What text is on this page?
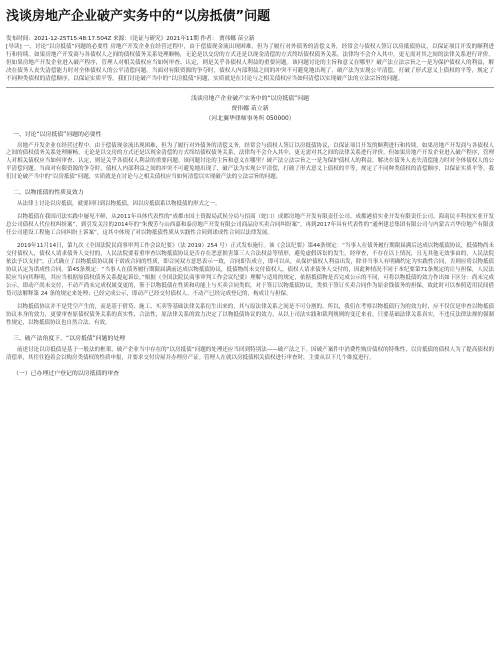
浅谈房地产企业破产实务中的“以房抵债”问题
发布时间：2021-12-25T15:48:17.504Z 来源：《论证与研究》2021年11期 作者： 贾伟娜 苗立新
[导读] 一、讨论“以房抵债”问题的必要性 房地产开发企业在经营过程中，由于偿债现金流出现困难，但为了履行对外债务的清偿义务，经常会与债权人签订以房抵债协议，以保证项目开发的顺利进行和持续。如果房地产开发商与各债权人之间的债权债务关系处理顺畅，无论是以交房的方式还是以现金清偿的方式终结债权债务关系，法律均不会介入其中，更无需对其之间的法律关系进行评价。但如果房地产开发企业进入破产程序，管理人对相关债权应当如何审查、认定，则是关乎各债权人利益的重要问题。该问题讨论的主旨和意义在哪里？破产法立法宗旨之一是为保护债权人的利益，解决在债务人丧失清偿能力时对全体债权人的公平清偿问题。当面对有限资源的争夺时，债权人内部利益之间的冲突不可避免地出现了，破产法为实现公平清偿，打破了形式意义上债权的平等，规定了不同种类债权的清偿顺序，以保证实质平等。我们讨论破产当中的“以房抵债”问题，实质就是在讨论与之相关债权应当如何清偿以实现破产法的立法宗旨的问题。
浅谈房地产企业破产实务中的“以房抵债”问题
贾伟娜 苗立新
（河北翼华律师事务所 050000）
一、讨论“以房抵债”问题的必要性

房地产开发企业在经营过程中，由于偿债现金流出现困难，但为了履行对外债务的清偿义务，经常会与债权人签订以房抵债协议，以保证项目开发的顺利进行和持续。如果房地产开发商与各债权人之间的债权债务关系处理顺畅，无论是以交房的方式还是以现金清偿的方式终结债权债务关系，法律均不会介入其中，更无需对其之间的法律关系进行评价。但如果房地产开发企业进入破产程序，管理人对相关债权应当如何审查、认定，则是关乎各债权人利益的重要问题。该问题讨论的主旨和意义在哪里？破产法立法宗旨之一是为保护债权人的利益，解决在债务人丧失清偿能力时对全体债权人的公平清偿问题。当面对有限资源的争夺时，债权人内部利益之间的冲突不可避免地出现了，破产法为实现公平清偿，打破了形式意义上债权的平等，规定了不同种类债权的清偿顺序，以保证实质平等。我们讨论破产当中的“以房抵债”问题，实质就是在讨论与之相关债权应当如何清偿以实现破产法的立法宗旨的问题。

二、以物抵债的性质及效力

从法律上讨论以房抵债，就要回归到以物抵债，因以房抵债系以物抵债的形式之一。

以物抵债在我国司法实践中屡见不鲜，从2011年具体代表性的“成都市国土资源局武侯分局与招商（蛇口）成都房地产开发有限责任公司、成都港招实业开发有限责任公司、海南民丰科技实业开发总公司债权人代位权纠纷案”，到引发关注的2014年的“朱俊芳与山西嘉和泰房地产开发有限公司商品房买卖合同纠纷案”，再到2017年具有代表性的“通州建总集团有限公司与内蒙古兴华房地产有限责任公司建设工程施工合同纠纷上诉案”，这其中体现了对以物抵债性质从实践性合同到诺成性合同以法律发展。

2019年11月14日，第九次《全国法院民商事审判工作会议纪要》（法 2019）254 号）正式发布施行。该《会议纪要》第44条规定：“当事人在债务履行期限届满后达成以物抵债协议，抵债物尚未交付债权人，债权人请求债务人交付的，人民法院要着重审查以物抵债协议是否存在恶意损害第三人合法权益等情形，避免虚假诉讼的发生。经审查，不存在以上情况，且无其他无效事由的，人民法院依法予以支持”，正式确立了以物抵债协议属于诺成合同的性质，即合同双方意思表示一致，合同即告成立，即可以从，从保护债权人利益出发，除非当事人有明确约定为实践性合同，否则应将以物抵债协议认定为诺成性合同。第45条规定：“当事人在债务履行期限届满前达成以物抵债协议，抵债物尚未交付债权人，债权人请求债务人交付的，因此种情况不同于本纪要第71条规定的让与担保，人民法院应当向其释明，其应当根据原债权债务关系提起诉讼。”根据《全国法院民商事审判工作会议纪要》理解与适用的规定，依据抵债物是否完成公示的不同，可将以物抵债的效力作出如下区分：尚未完成公示，即动产尚未交付，不动产尚未完成权属变更的，鉴于以物抵债在性质和功能上与买卖合同类似，对于签订以物抵债协议，类似于签订买卖合同作为原金钱债务的担保，故此时可以参照适用民间借贷司法解释第 24 条的规定来处理；已经完成公示，即动产已经交付债权人、不动产已经完成登记的，构成让与担保。

以物抵债协议并不是凭空产生的，而是基于借贷、施工、买卖等基础法律关系衍生出来的，其与原法律关系之间是不可分割的。所以，我们在考察以物抵债行为的效力时，应不仅仅是审查以物抵债协议本身的效力，更要审查原债权债务关系的真实性、合法性，原法律关系的效力决定了以物抵债协议的效力。从以上司法实践和裁判规则的变迁来看，只要基础法律关系真实，不违反法律法规的强制性规定，以物抵债协议也自然合法、有效。

三、破产法角度下，“以房抵债”问题的处理

前述讨论以房抵债是基于一般法的框架，破产企业当中存在的“以房抵债”问题的处理还应当回到特别法——破产法之下。因破产案件中消费性购房债权的特殊性，以房抵债的债权人为了提高债权的清偿率，其往往抱着会以购房类债权的性质申报，并要求交付房屋并办理房产证。管理人在就以房抵债相关债权进行审查时，主要从以下几个维度进行。

（一）已办理过户登记的以房抵债的审查
